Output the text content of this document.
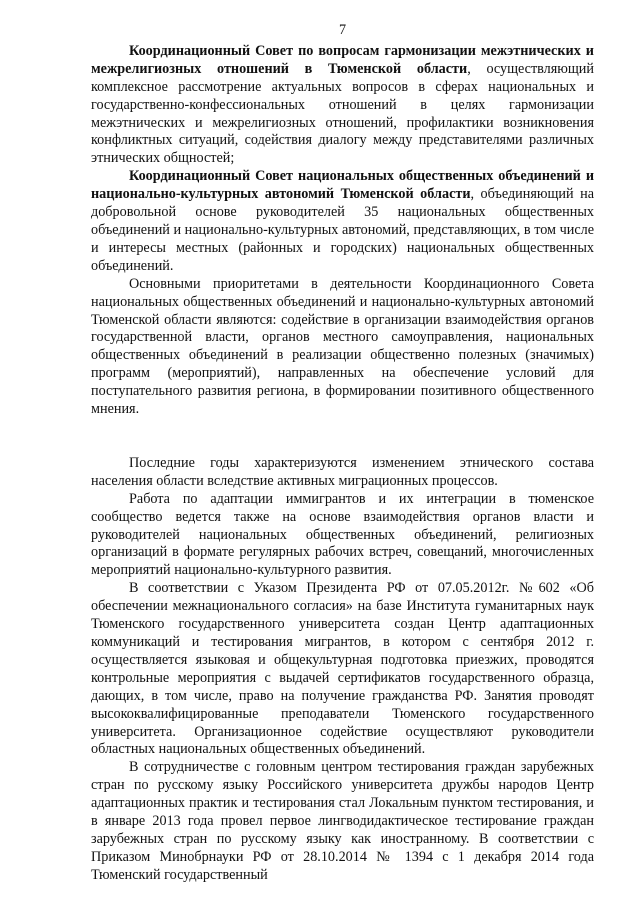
7

Координационный Совет по вопросам гармонизации межэтнических и межрелигиозных отношений в Тюменской области, осуществляющий комплексное рассмотрение актуальных вопросов в сферах национальных и государственно-конфессиональных отношений в целях гармонизации межэтнических и межрелигиозных отношений, профилактики возникновения конфликтных ситуаций, содействия диалогу между представителями различных этнических общностей;

Координационный Совет национальных общественных объединений и национально-культурных автономий Тюменской области, объединяющий на добровольной основе руководителей 35 национальных общественных объединений и национально-культурных автономий, представляющих, в том числе и интересы местных (районных и городских) национальных общественных объединений.

Основными приоритетами в деятельности Координационного Совета национальных общественных объединений и национально-культурных автономий Тюменской области являются: содействие в организации взаимодействия органов государственной власти, органов местного самоуправления, национальных общественных объединений в реализации общественно полезных (значимых) программ (мероприятий), направленных на обеспечение условий для поступательного развития региона, в формировании позитивного общественного мнения.

Последние годы характеризуются изменением этнического состава населения области вследствие активных миграционных процессов.

Работа по адаптации иммигрантов и их интеграции в тюменское сообщество ведется также на основе взаимодействия органов власти и руководителей национальных общественных объединений, религиозных организаций в формате регулярных рабочих встреч, совещаний, многочисленных мероприятий национально-культурного развития.

В соответствии с Указом Президента РФ от 07.05.2012г. №602 «Об обеспечении межнационального согласия» на базе Института гуманитарных наук Тюменского государственного университета создан Центр адаптационных коммуникаций и тестирования мигрантов, в котором с сентября 2012 г. осуществляется языковая и общекультурная подготовка приезжих, проводятся контрольные мероприятия с выдачей сертификатов государственного образца, дающих, в том числе, право на получение гражданства РФ. Занятия проводят высококвалифицированные преподаватели Тюменского государственного университета. Организационное содействие осуществляют руководители областных национальных общественных объединений.

В сотрудничестве с головным центром тестирования граждан зарубежных стран по русскому языку Российского университета дружбы народов Центр адаптационных практик и тестирования стал Локальным пунктом тестирования, и в январе 2013 года провел первое лингводидактическое тестирование граждан зарубежных стран по русскому языку как иностранному. В соответствии с Приказом Минобрнауки РФ от 28.10.2014 № 1394 с 1 декабря 2014 года Тюменский государственный
